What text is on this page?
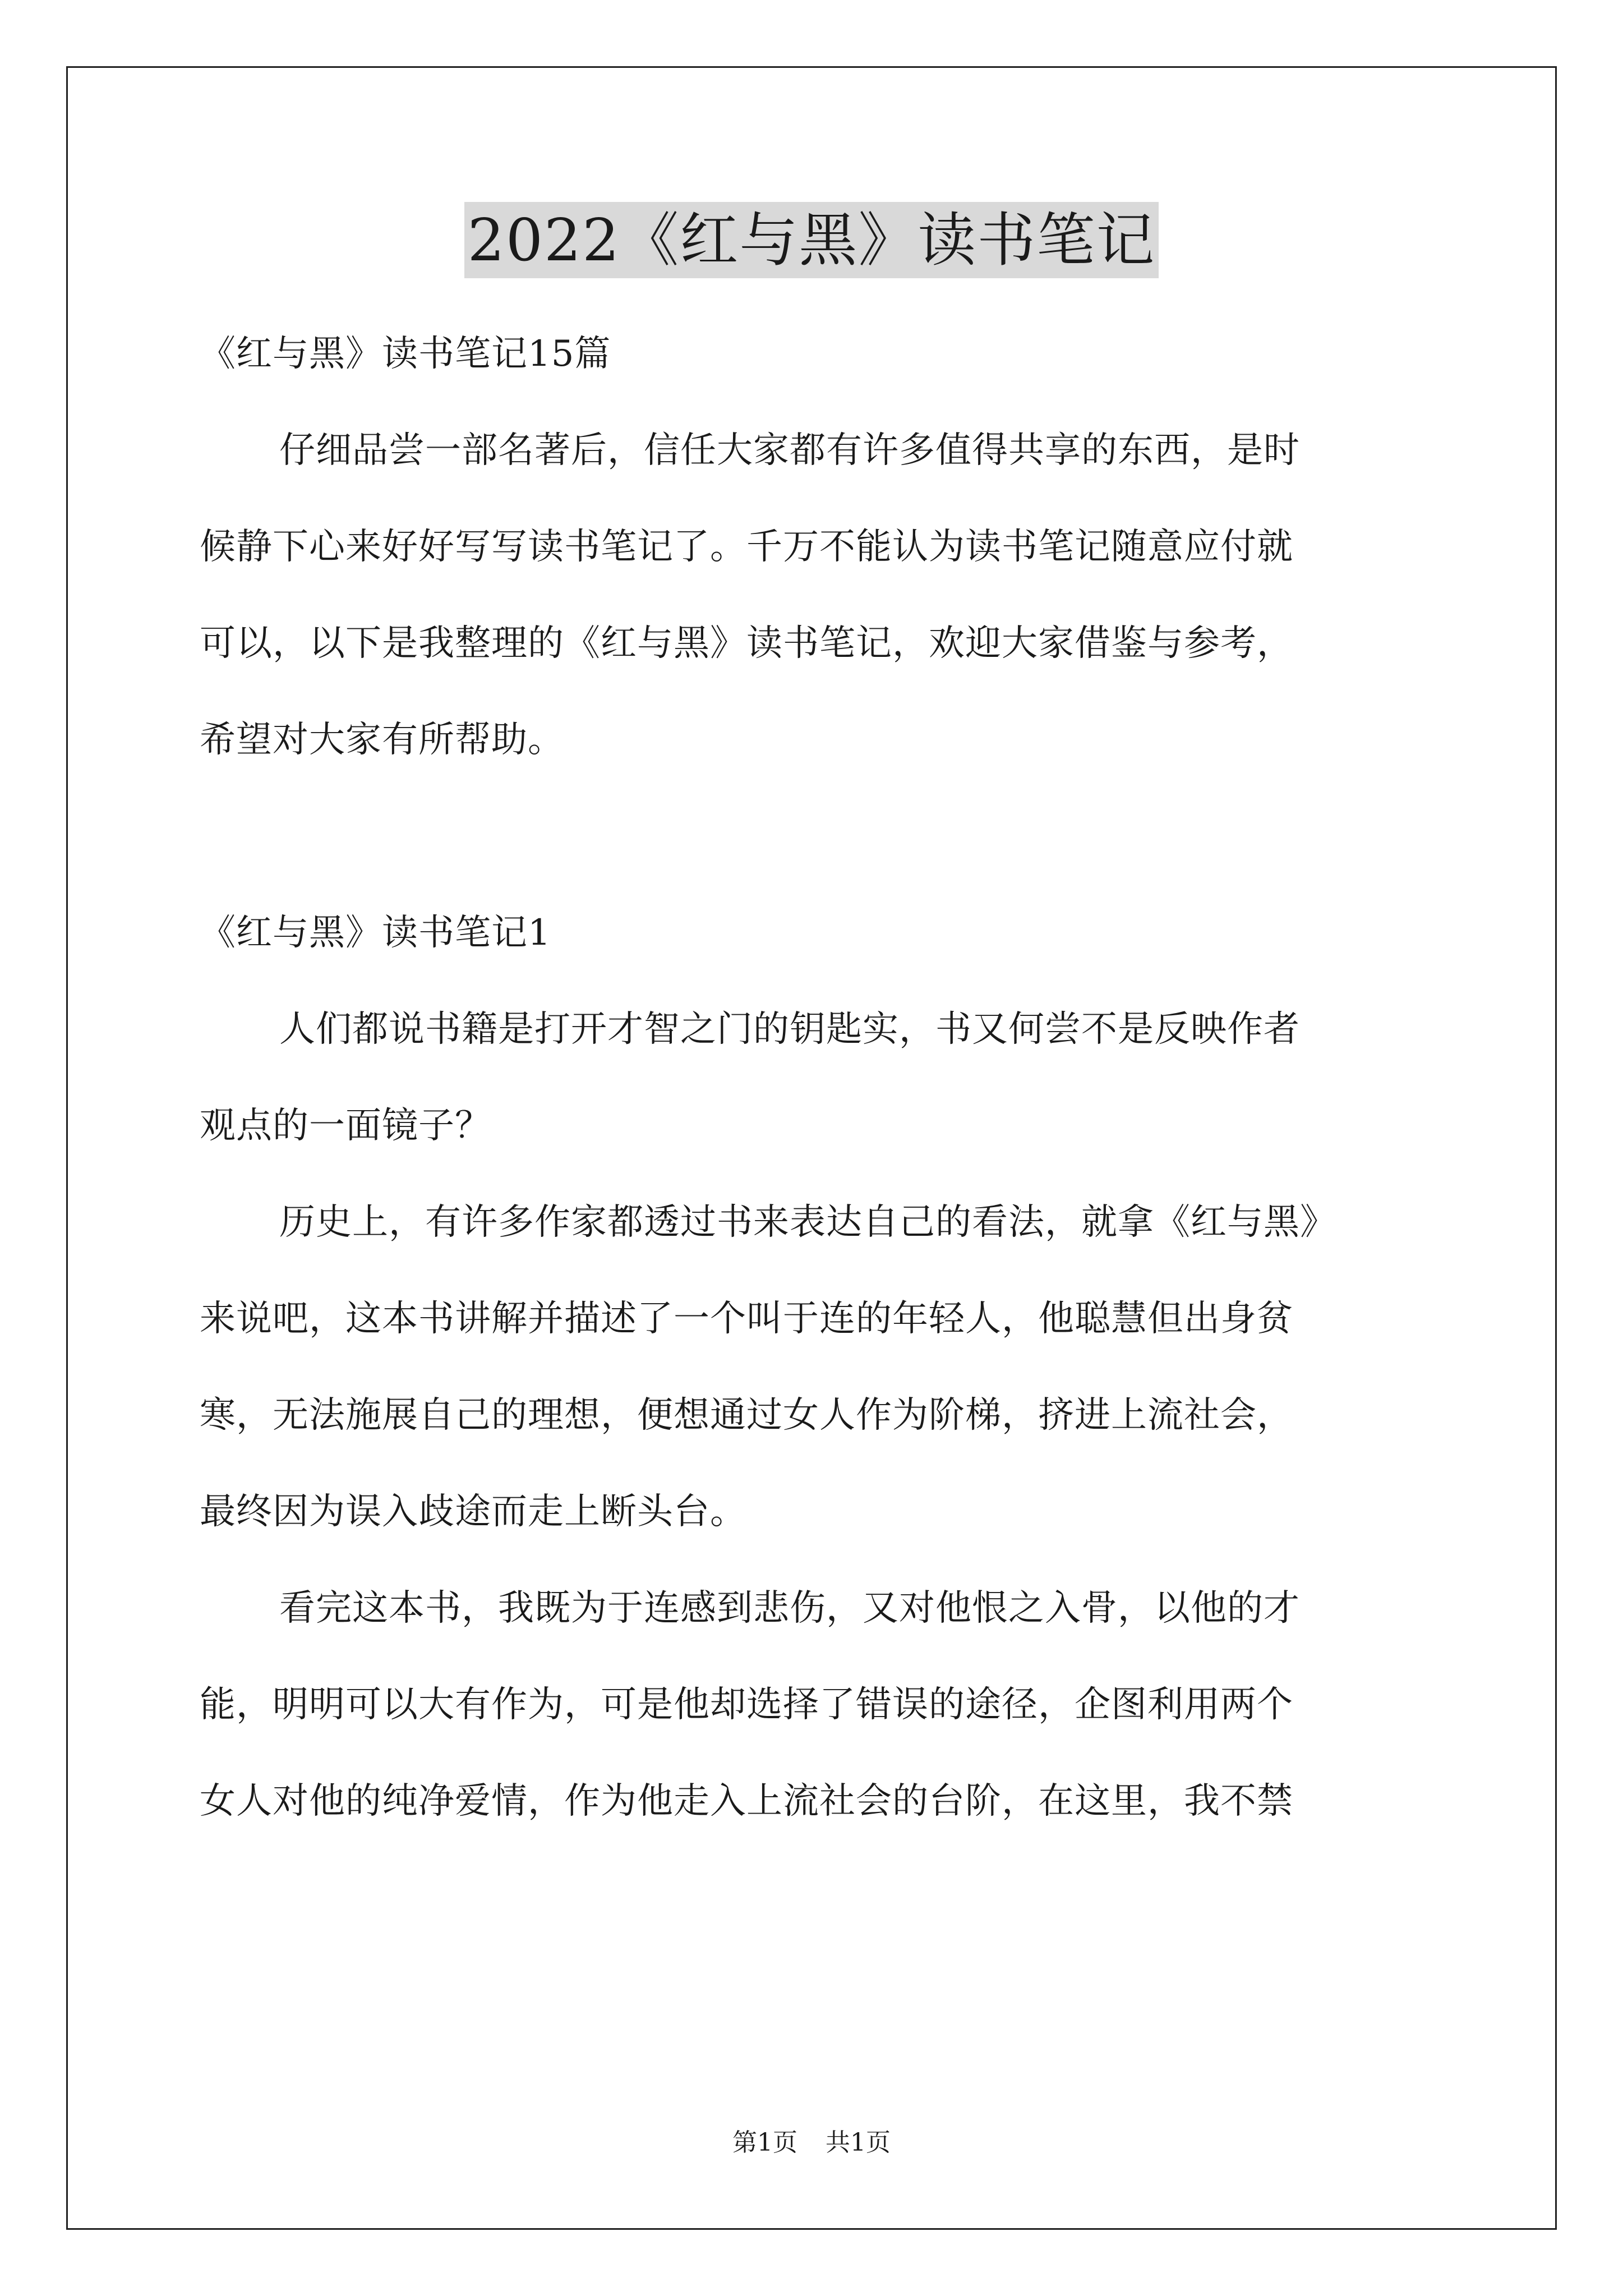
2022《红与黑》读书笔记
《红与黑》读书笔记15篇
仔细品尝一部名著后，信任大家都有许多值得共享的东西，是时
候静下心来好好写写读书笔记了。千万不能认为读书笔记随意应付就
可以，以下是我整理的《红与黑》读书笔记，欢迎大家借鉴与参考，
希望对大家有所帮助。
《红与黑》读书笔记1
人们都说书籍是打开才智之门的钥匙实，书又何尝不是反映作者
观点的一面镜子？
历史上，有许多作家都透过书来表达自己的看法，就拿《红与黑》
来说吧，这本书讲解并描述了一个叫于连的年轻人，他聪慧但出身贫
寒，无法施展自己的理想，便想通过女人作为阶梯，挤进上流社会，
最终因为误入歧途而走上断头台。
看完这本书，我既为于连感到悲伤，又对他恨之入骨，以他的才
能，明明可以大有作为，可是他却选择了错误的途径，企图利用两个
女人对他的纯净爱情，作为他走入上流社会的台阶，在这里，我不禁
第1页 共1页
